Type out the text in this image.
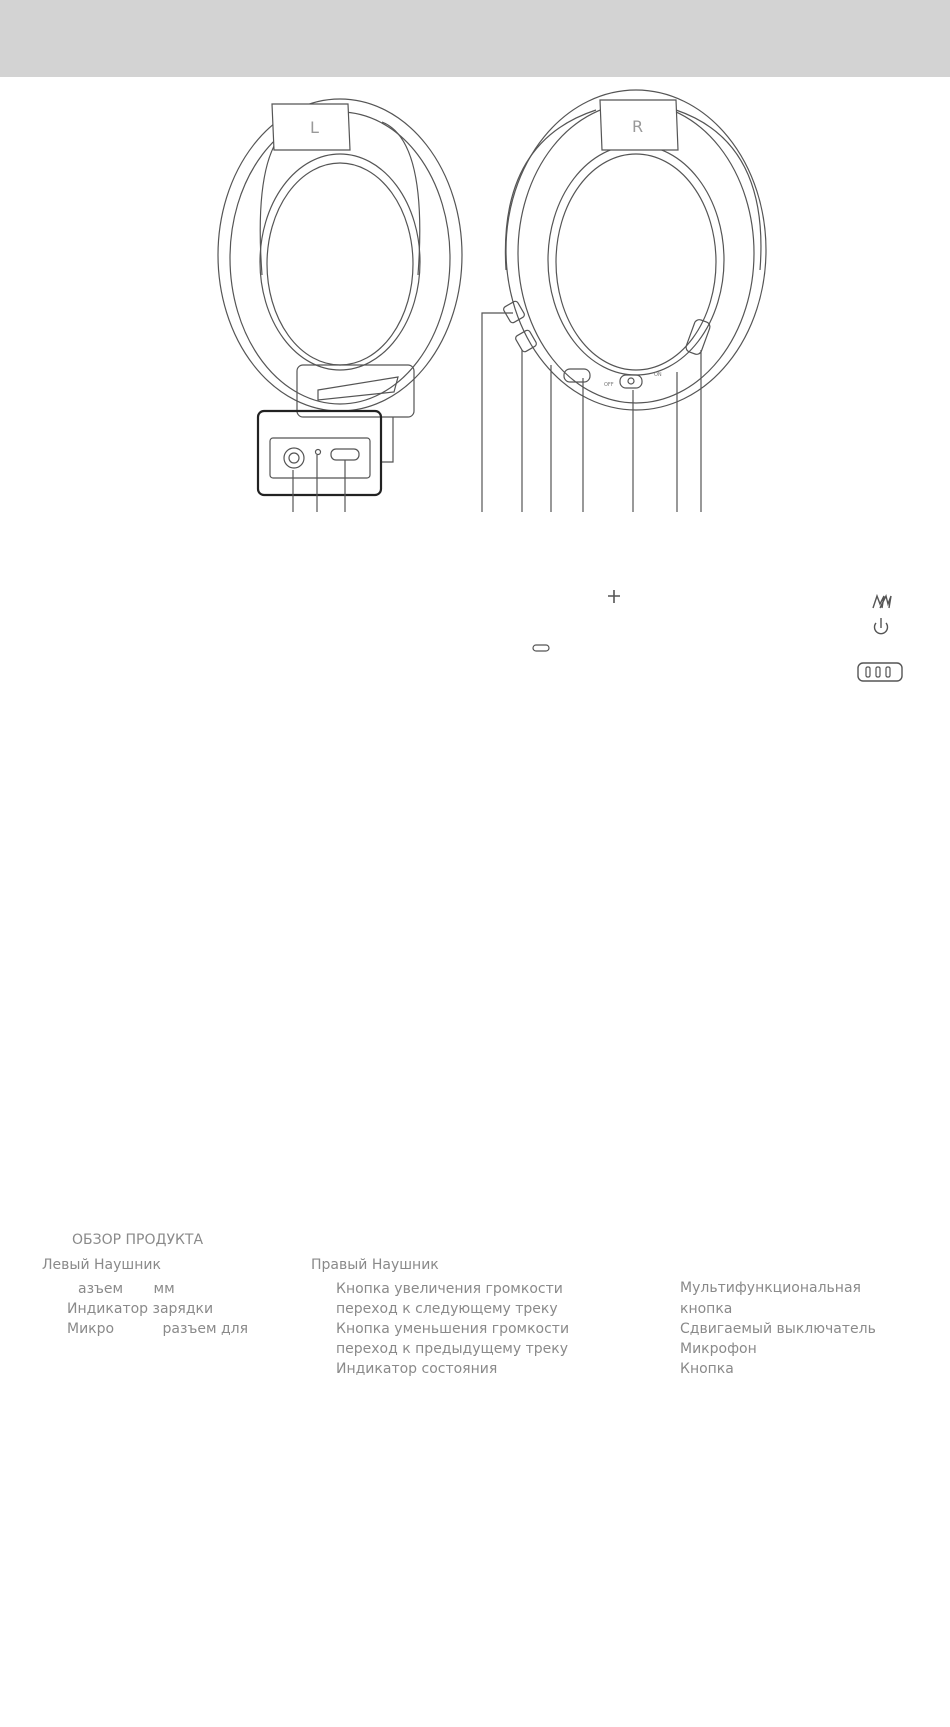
L	R
OFF
ON
ОБЗОР ПРОДУКТА
Левый Наушник
азъем мм
Индикатор зарядки
Микро	разъем для
Правый Наушник
Кнопка увеличения громкости
переход к следующему треку
Кнопка уменьшения громкости
переход к предыдущему треку
Индикатор состояния
Мультифункциональная
кнопка
Сдвигаемый выключатель
Микрофон
Кнопка
